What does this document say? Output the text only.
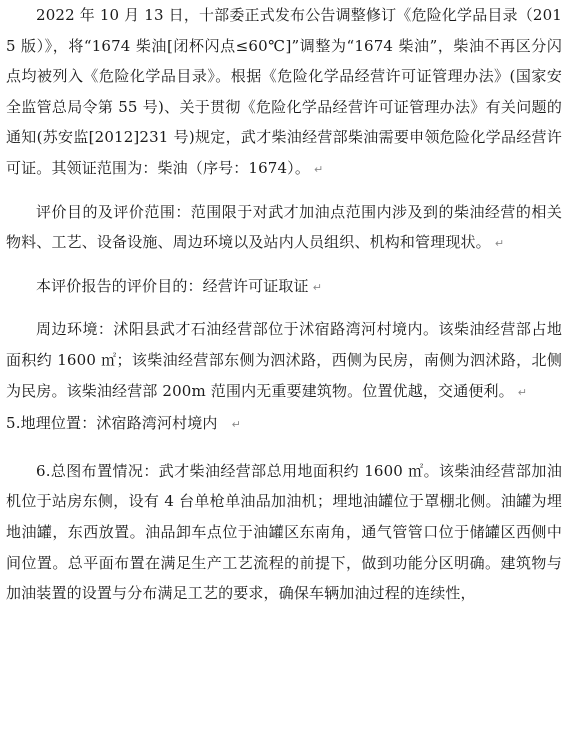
2022 年 10 月 13 日，十部委正式发布公告调整修订《危险化学品目录（2015 版）》，将“1674 柴油[闭杯闪点≤60℃]”调整为“1674 柴油”，柴油不再区分闪点均被列入《危险化学品目录》。根据《危险化学品经营许可证管理办法》(国家安全监管总局令第 55 号)、关于贯彻《危险化学品经营许可证管理办法》有关问题的通知(苏安监[2012]231 号)规定，武才柴油经营部柴油需要申领危险化学品经营许可证。其领证范围为：柴油（序号：1674）。 ↵

评价目的及评价范围：范围限于对武才加油点范围内涉及到的柴油经营的相关物料、工艺、设备设施、周边环境以及站内人员组织、机构和管理现状。 ↵

本评价报告的评价目的：经营许可证取证 ↵

周边环境：沭阳县武才石油经营部位于沭宿路湾河村境内。该柴油经营部占地面积约 1600 ㎡；该柴油经营部东侧为泗沭路，西侧为民房，南侧为泗沭路，北侧为民房。该柴油经营部 200m 范围内无重要建筑物。位置优越，交通便利。 ↵

5.地理位置：沭宿路湾河村境内 ↵

6.总图布置情况：武才柴油经营部总用地面积约 1600 ㎡。该柴油经营部加油机位于站房东侧，设有 4 台单枪单油品加油机；埋地油罐位于罩棚北侧。油罐为埋地油罐，东西放置。油品卸车点位于油罐区东南角，通气管管口位于储罐区西侧中间位置。总平面布置在满足生产工艺流程的前提下，做到功能分区明确。建筑物与加油装置的设置与分布满足工艺的要求，确保车辆加油过程的连续性，
